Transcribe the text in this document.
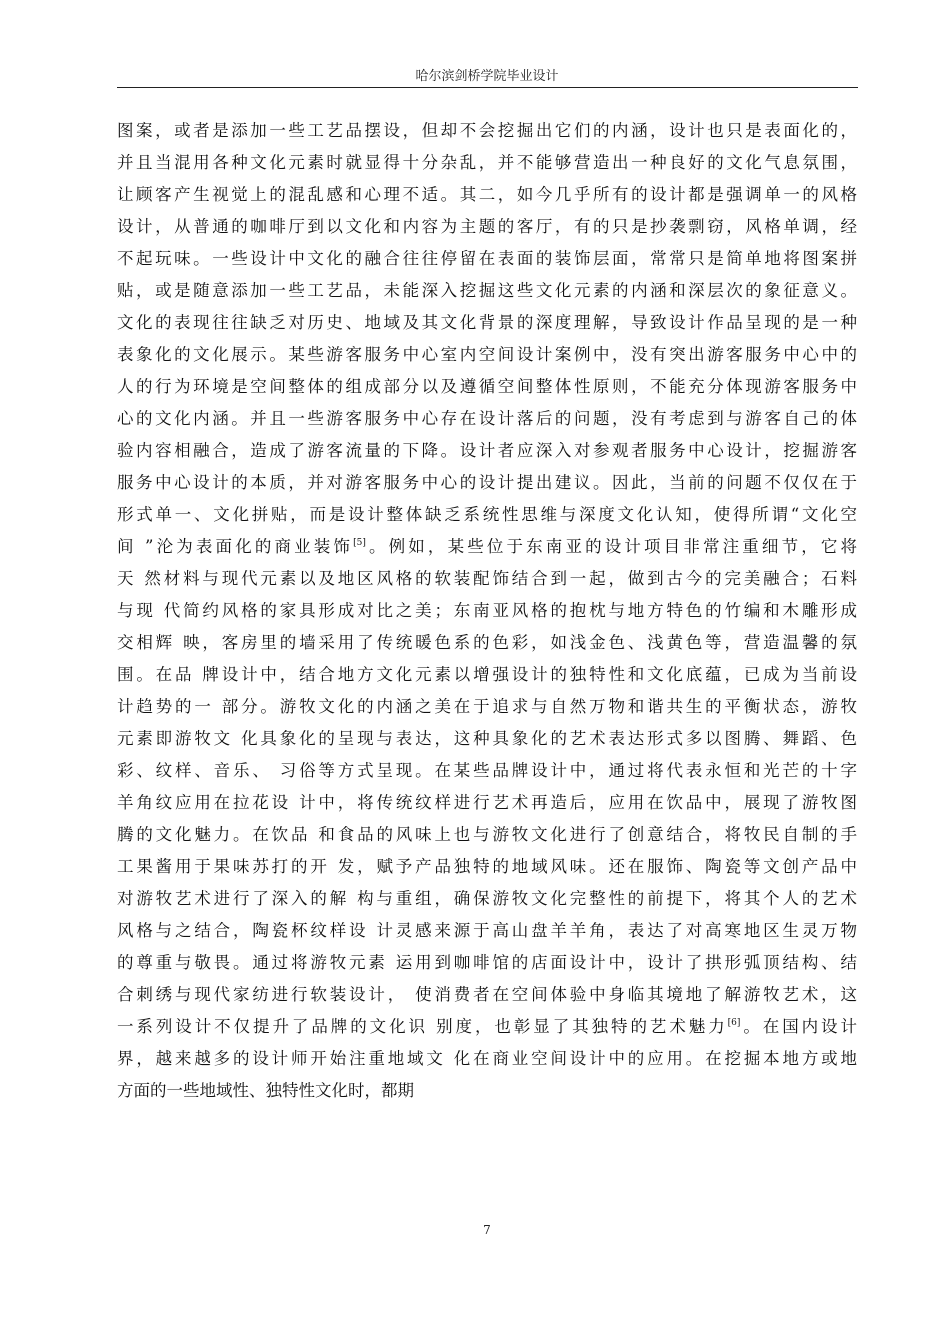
哈尔滨剑桥学院毕业设计
图案，或者是添加一些工艺品摆设，但却不会挖掘出它们的内涵，设计也只是表面化的，
并且当混用各种文化元素时就显得十分杂乱，并不能够营造出一种良好的文化气息氛围，
让顾客产生视觉上的混乱感和心理不适。其二，如今几乎所有的设计都是强调单一的风格
设计，从普通的咖啡厅到以文化和内容为主题的客厅，有的只是抄袭剽窃，风格单调，经
不起玩味。一些设计中文化的融合往往停留在表面的装饰层面，常常只是简单地将图案拼
贴，或是随意添加一些工艺品，未能深入挖掘这些文化元素的内涵和深层次的象征意义。
文化的表现往往缺乏对历史、地域及其文化背景的深度理解，导致设计作品呈现的是一种
表象化的文化展示。某些游客服务中心室内空间设计案例中，没有突出游客服务中心中的
人的行为环境是空间整体的组成部分以及遵循空间整体性原则，不能充分体现游客服务中
心的文化内涵。并且一些游客服务中心存在设计落后的问题，没有考虑到与游客自己的体
验内容相融合，造成了游客流量的下降。设计者应深入对参观者服务中心设计，挖掘游客
服务中心设计的本质，并对游客服务中心的设计提出建议。因此，当前的问题不仅仅在于
形式单一、文化拼贴，而是设计整体缺乏系统性思维与深度文化认知，使得所谓“文化空
间 ”沦为表面化的商业装饰[5]。例如，某些位于东南亚的设计项目非常注重细节，它将
天 然材料与现代元素以及地区风格的软装配饰结合到一起，做到古今的完美融合；石料
与现 代简约风格的家具形成对比之美；东南亚风格的抱枕与地方特色的竹编和木雕形成
交相辉 映，客房里的墙采用了传统暖色系的色彩，如浅金色、浅黄色等，营造温馨的氛
围。在品 牌设计中，结合地方文化元素以增强设计的独特性和文化底蕴，已成为当前设
计趋势的一 部分。游牧文化的内涵之美在于追求与自然万物和谐共生的平衡状态，游牧
元素即游牧文 化具象化的呈现与表达，这种具象化的艺术表达形式多以图腾、舞蹈、色
彩、纹样、音乐、 习俗等方式呈现。在某些品牌设计中，通过将代表永恒和光芒的十字
羊角纹应用在拉花设 计中，将传统纹样进行艺术再造后，应用在饮品中，展现了游牧图
腾的文化魅力。在饮品 和食品的风味上也与游牧文化进行了创意结合，将牧民自制的手
工果酱用于果味苏打的开 发，赋予产品独特的地域风味。还在服饰、陶瓷等文创产品中
对游牧艺术进行了深入的解 构与重组，确保游牧文化完整性的前提下，将其个人的艺术
风格与之结合，陶瓷杯纹样设 计灵感来源于高山盘羊羊角，表达了对高寒地区生灵万物
的尊重与敬畏。通过将游牧元素 运用到咖啡馆的店面设计中，设计了拱形弧顶结构、结
合刺绣与现代家纺进行软装设计， 使消费者在空间体验中身临其境地了解游牧艺术，这
一系列设计不仅提升了品牌的文化识 别度，也彰显了其独特的艺术魅力[6]。在国内设计
界，越来越多的设计师开始注重地域文 化在商业空间设计中的应用。在挖掘本地方或地
方面的一些地域性、独特性文化时，都期
7
